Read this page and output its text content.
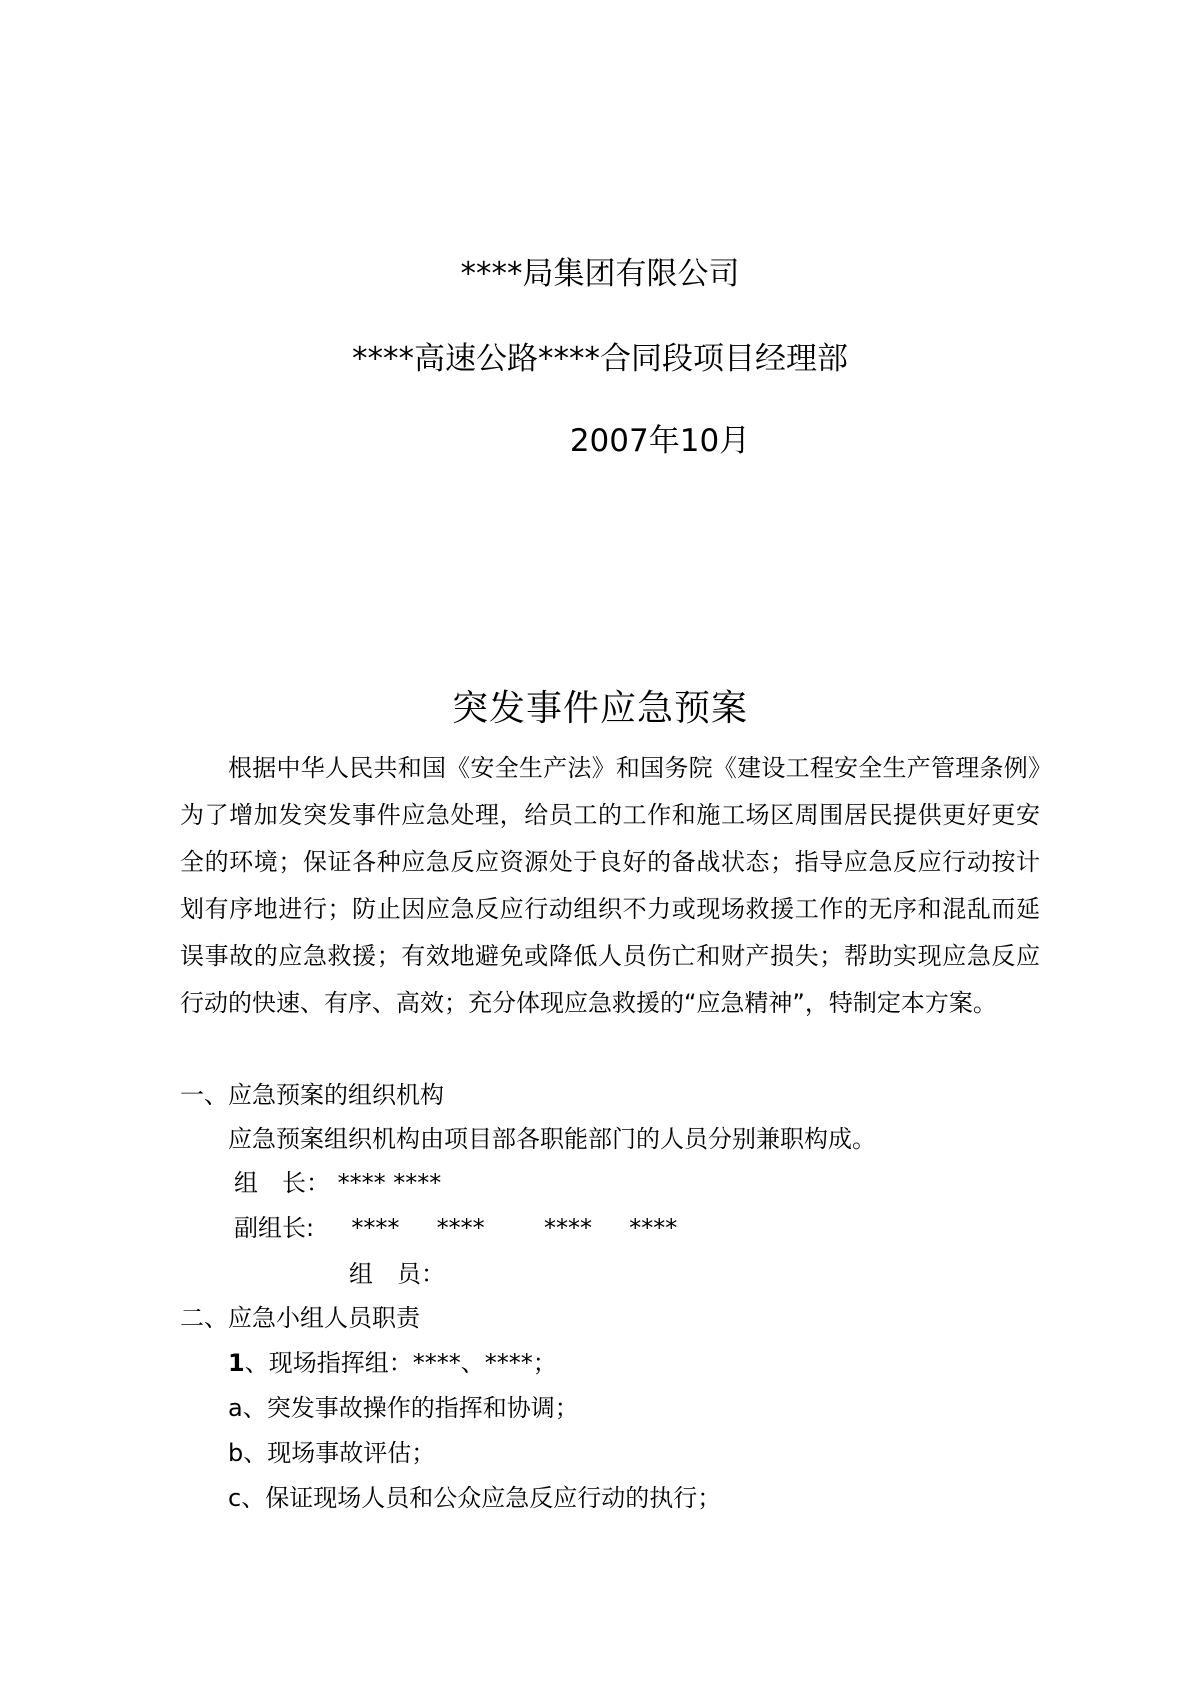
****局集团有限公司
****高速公路****合同段项目经理部
2007年10月
突发事件应急预案
根据中华人民共和国《安全生产法》和国务院《建设工程安全生产管理条例》为了增加发突发事件应急处理，给员工的工作和施工场区周围居民提供更好更安全的环境；保证各种应急反应资源处于良好的备战状态；指导应急反应行动按计划有序地进行；防止因应急反应行动组织不力或现场救援工作的无序和混乱而延误事故的应急救援；有效地避免或降低人员伤亡和财产损失；帮助实现应急反应行动的快速、有序、高效；充分体现应急救援的“应急精神”，特制定本方案。
一、应急预案的组织机构
应急预案组织机构由项目部各职能部门的人员分别兼职构成。
组　长： **** ****
副组长: **** **** **** ****
组　员：
二、应急小组人员职责
1、现场指挥组：****、****；
a、突发事故操作的指挥和协调；
b、现场事故评估；
c、保证现场人员和公众应急反应行动的执行；
